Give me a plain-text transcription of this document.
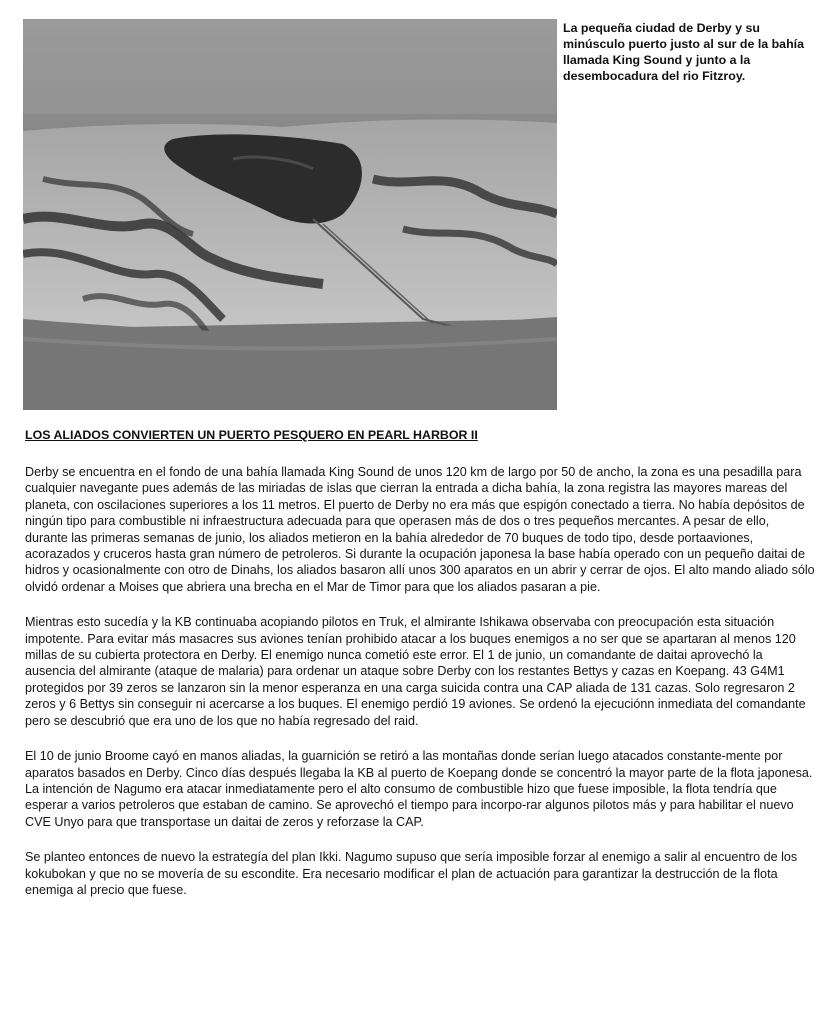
La pequeña ciudad de Derby y su minúsculo puerto justo al sur de la bahía llamada King Sound y junto a la desembocadura del rio Fitzroy.

LOS ALIADOS CONVIERTEN UN PUERTO PESQUERO EN PEARL HARBOR II

Derby se encuentra en el fondo de una bahía llamada King Sound de unos 120 km de largo por 50 de ancho, la zona es una pesadilla para cualquier navegante pues además de las miriadas de islas que cierran la entrada a dicha bahía, la zona registra las mayores mareas del planeta, con oscilaciones superiores a los 11 metros. El puerto de Derby no era más que espigón conectado a tierra. No había depósitos de ningún tipo para combustible ni infraestructura adecuada para que operasen más de dos o tres pequeños mercantes. A pesar de ello, durante las primeras semanas de junio, los aliados metieron en la bahía alrededor de 70 buques de todo tipo, desde portaaviones, acorazados y cruceros hasta gran número de petroleros. Si durante la ocupación japonesa la base había operado con un pequeño daitai de hidros y ocasionalmente con otro de Dinahs, los aliados basaron allí unos 300 aparatos en un abrir y cerrar de ojos. El alto mando aliado sólo olvidó ordenar a Moises que abriera una brecha en el Mar de Timor para que los aliados pasaran a pie.

Mientras esto sucedía y la KB continuaba acopiando pilotos en Truk, el almirante Ishikawa observaba con preocupación esta situación impotente. Para evitar más masacres sus aviones tenían prohibido atacar a los buques enemigos a no ser que se apartaran al menos 120 millas de su cubierta protectora en Derby. El enemigo nunca cometió este error. El 1 de junio, un comandante de daitai aprovechó la ausencia del almirante (ataque de malaria) para ordenar un ataque sobre Derby con los restantes Bettys y cazas en Koepang. 43 G4M1 protegidos por 39 zeros se lanzaron sin la menor esperanza en una carga suicida contra una CAP aliada de 131 cazas. Solo regresaron 2 zeros y 6 Bettys sin conseguir ni acercarse a los buques. El enemigo perdió 19 aviones. Se ordenó la ejecuciónn inmediata del comandante pero se descubrió que era uno de los que no había regresado del raid.

El 10 de junio Broome cayó en manos aliadas, la guarnición se retiró a las montañas donde serían luego atacados constante-mente por aparatos basados en Derby. Cinco días después llegaba la KB al puerto de Koepang donde se concentró la mayor parte de la flota japonesa. La intención de Nagumo era atacar inmediatamente pero el alto consumo de combustible hizo que fuese imposible, la flota tendría que esperar a varios petroleros que estaban de camino. Se aprovechó el tiempo para incorpo-rar algunos pilotos más y para habilitar el nuevo CVE Unyo para que transportase un daitai de zeros y reforzase la CAP.

Se planteo entonces de nuevo la estrategía del plan Ikki. Nagumo supuso que sería imposible forzar al enemigo a salir al encuentro de los kokubokan y que no se movería de su escondite. Era necesario modificar el plan de actuación para garantizar la destrucción de la flota enemiga al precio que fuese.
